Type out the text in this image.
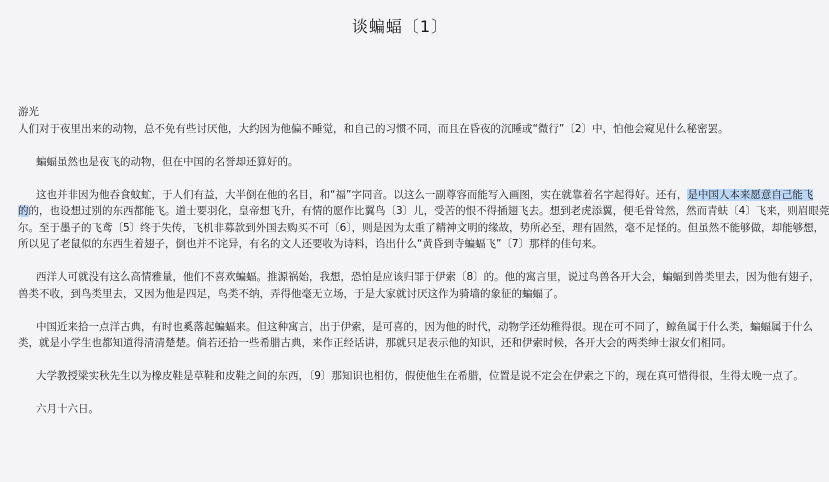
谈蝙蝠〔1〕

游光

人们对于夜里出来的动物，总不免有些讨厌他，大约因为他偏不睡觉，和自己的习惯不同，而且在昏夜的沉睡或“微行”〔2〕中，怕他会窥见什么秘密罢。

蝙蝠虽然也是夜飞的动物，但在中国的名誉却还算好的。

这也并非因为他吞食蚊虻，于人们有益，大半倒在他的名目，和“福”字同音。以这么一副尊容而能写入画图，实在就靠着名字起得好。还有，是中国人本来愿意自己能飞

的的，也设想过别的东西都能飞。道士要羽化，皇帝想飞升，有情的愿作比翼鸟〔3〕儿，受苦的恨不得插翅飞去。想到老虎添翼，便毛骨耸然，然而青蚨〔4〕飞来，则眉眼莞

尔。至于墨子的飞鸢〔5〕终于失传，飞机非募款到外国去购买不可〔6〕，则是因为太重了精神文明的缘故，势所必至，理有固然，毫不足怪的。但虽然不能够做，却能够想，

所以见了老鼠似的东西生着翅子，倒也并不诧异，有名的文人还要收为诗料，诌出什么“黄昏到寺蝙蝠飞”〔7〕那样的佳句来。

西洋人可就没有这么高情雅量，他们不喜欢蝙蝠。推源祸始，我想，恐怕是应该归罪于伊索〔8〕的。他的寓言里，说过鸟兽各开大会，蝙蝠到兽类里去，因为他有翅子，

兽类不收，到鸟类里去，又因为他是四足，鸟类不纳，弄得他毫无立场，于是大家就讨厌这作为骑墙的象征的蝙蝠了。

中国近来拾一点洋古典，有时也奚落起蝙蝠来。但这种寓言，出于伊索，是可喜的，因为他的时代，动物学还幼稚得很。现在可不同了，鲸鱼属于什么类，蝙蝠属于什么

类，就是小学生也都知道得清清楚楚。倘若还拾一些希腊古典，来作正经话讲，那就只足表示他的知识，还和伊索时候，各开大会的两类绅士淑女们相同。

大学教授梁实秋先生以为橡皮鞋是草鞋和皮鞋之间的东西，〔9〕那知识也相仿，假使他生在希腊，位置是说不定会在伊索之下的，现在真可惜得很，生得太晚一点了。

六月十六日。
